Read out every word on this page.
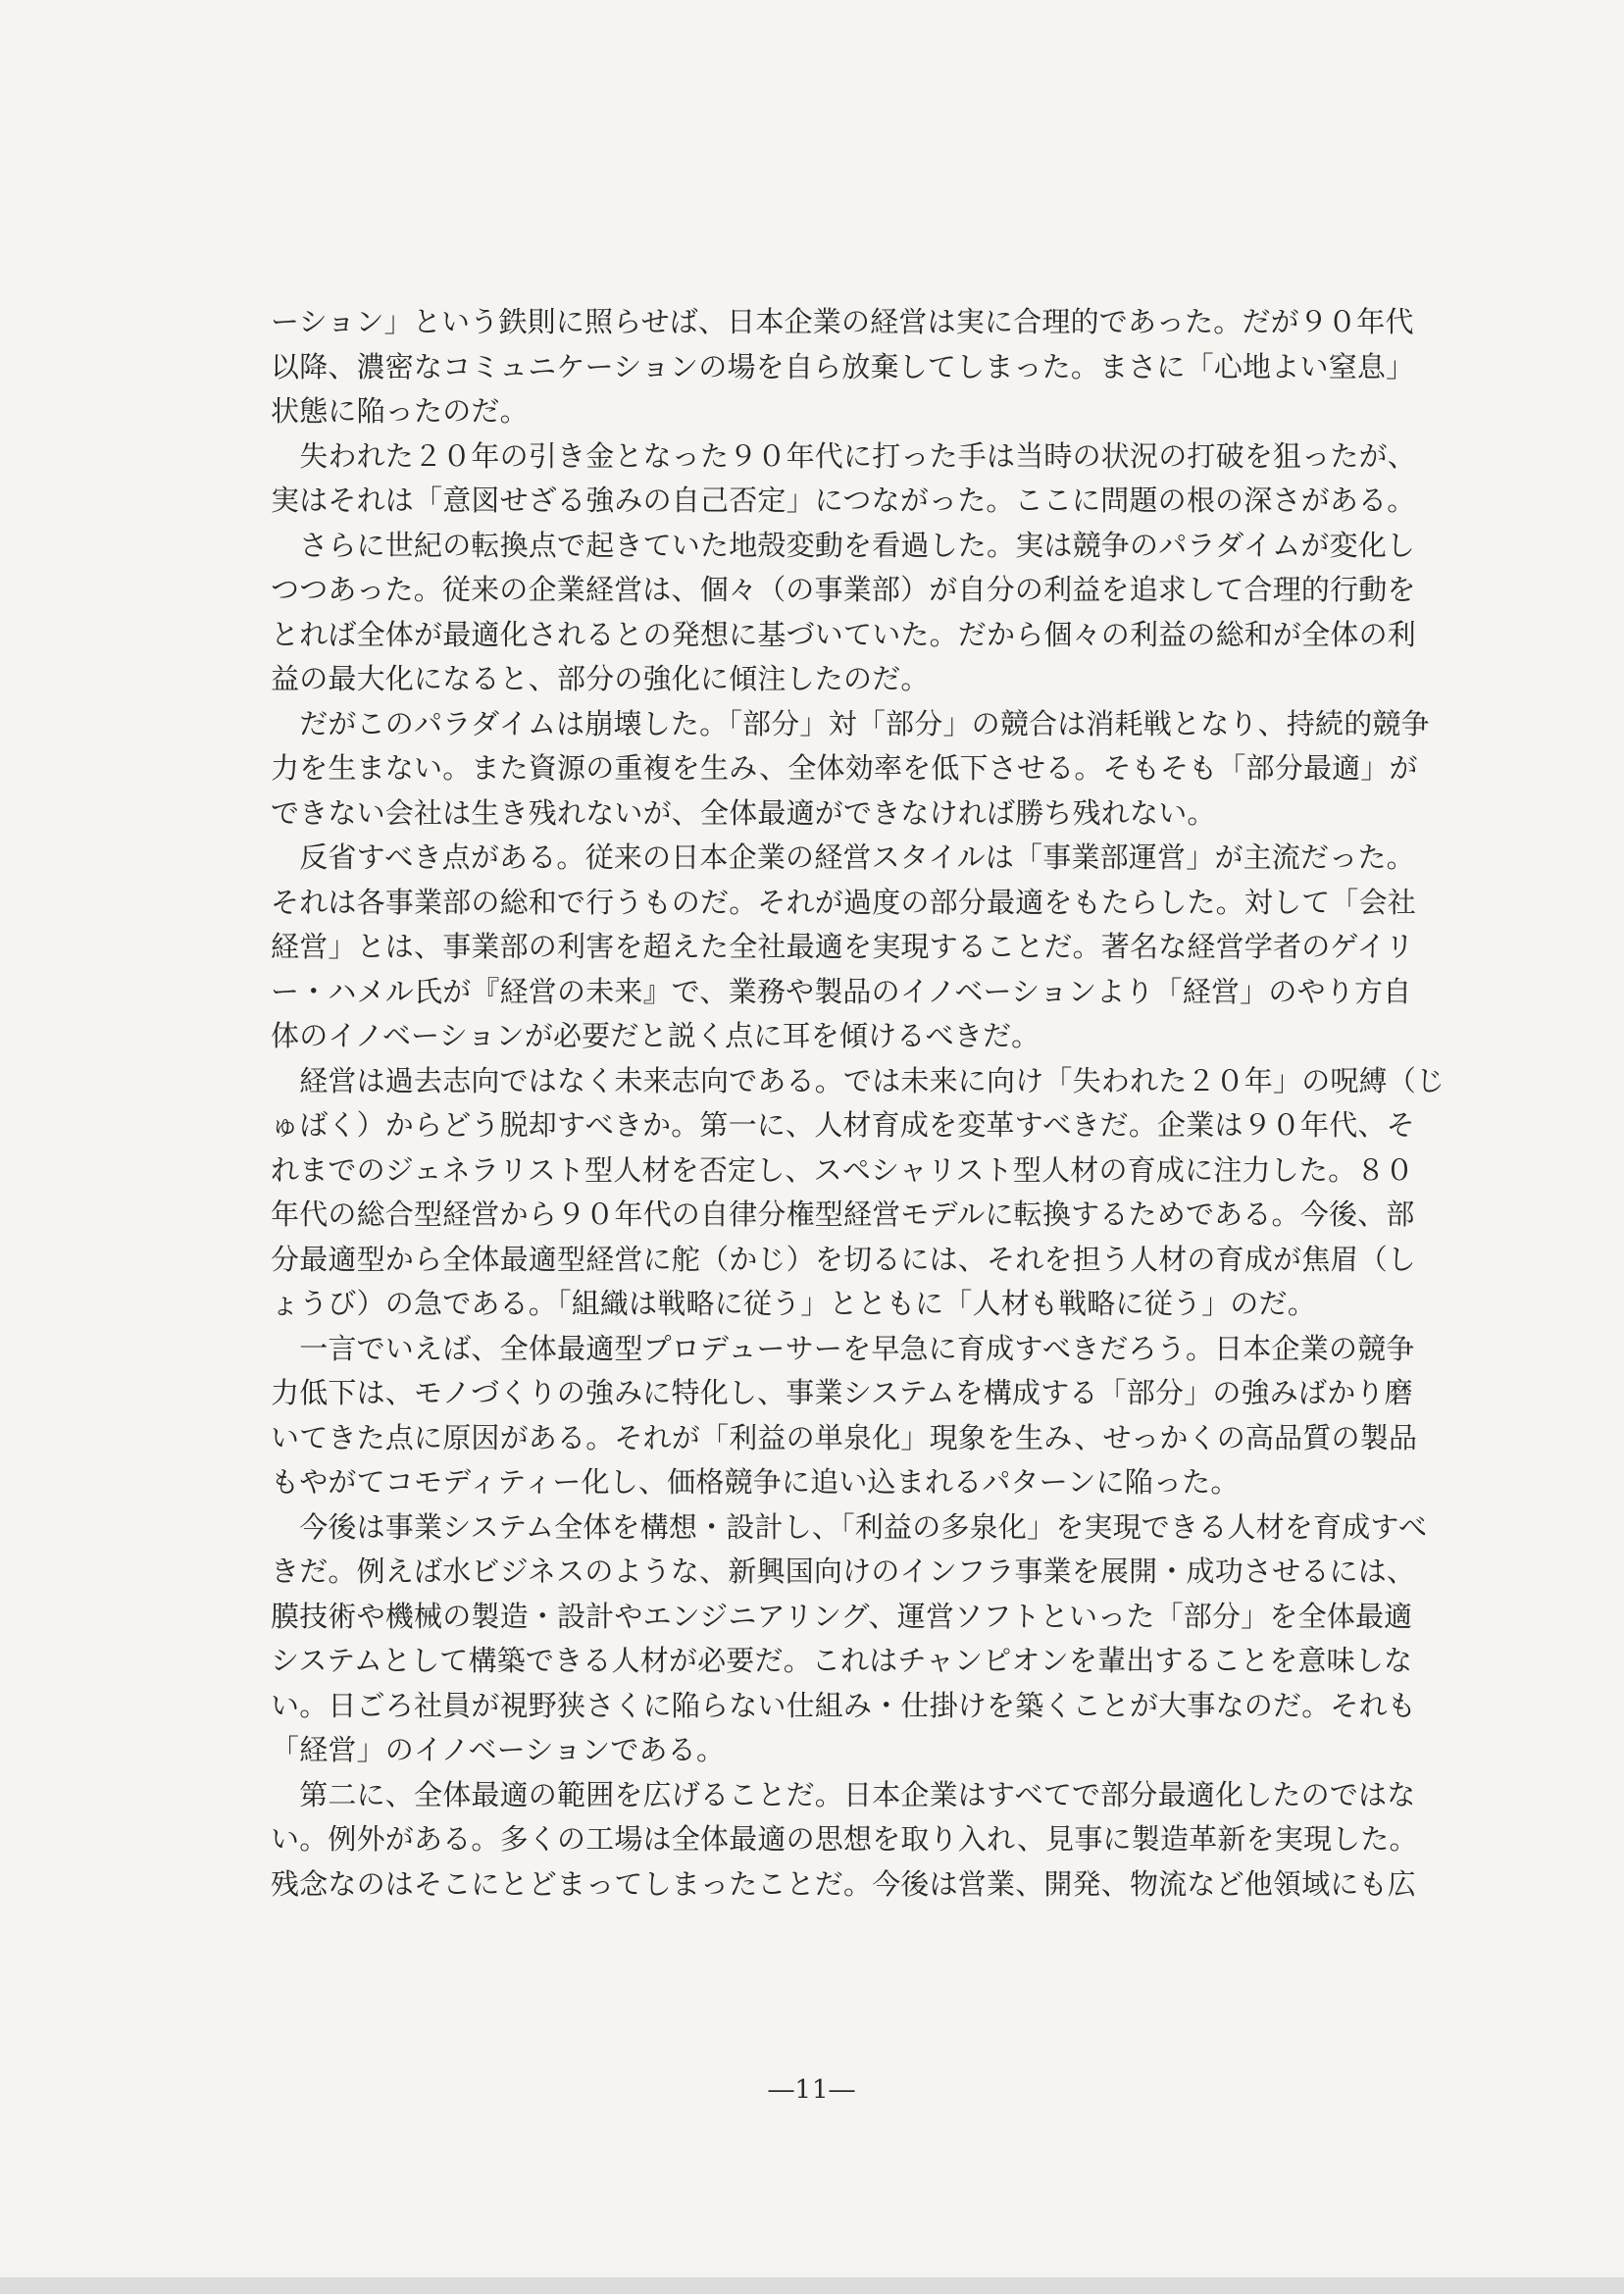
ーション」という鉄則に照らせば、日本企業の経営は実に合理的であった。だが９０年代
以降、濃密なコミュニケーションの場を自ら放棄してしまった。まさに「心地よい窒息」
状態に陥ったのだ。
　失われた２０年の引き金となった９０年代に打った手は当時の状況の打破を狙ったが、
実はそれは「意図せざる強みの自己否定」につながった。ここに問題の根の深さがある。
　さらに世紀の転換点で起きていた地殻変動を看過した。実は競争のパラダイムが変化し
つつあった。従来の企業経営は、個々（の事業部）が自分の利益を追求して合理的行動を
とれば全体が最適化されるとの発想に基づいていた。だから個々の利益の総和が全体の利
益の最大化になると、部分の強化に傾注したのだ。
　だがこのパラダイムは崩壊した。「部分」対「部分」の競合は消耗戦となり、持続的競争
力を生まない。また資源の重複を生み、全体効率を低下させる。そもそも「部分最適」が
できない会社は生き残れないが、全体最適ができなければ勝ち残れない。
　反省すべき点がある。従来の日本企業の経営スタイルは「事業部運営」が主流だった。
それは各事業部の総和で行うものだ。それが過度の部分最適をもたらした。対して「会社
経営」とは、事業部の利害を超えた全社最適を実現することだ。著名な経営学者のゲイリ
ー・ハメル氏が『経営の未来』で、業務や製品のイノベーションより「経営」のやり方自
体のイノベーションが必要だと説く点に耳を傾けるべきだ。
　経営は過去志向ではなく未来志向である。では未来に向け「失われた２０年」の呪縛（じ
ゅばく）からどう脱却すべきか。第一に、人材育成を変革すべきだ。企業は９０年代、そ
れまでのジェネラリスト型人材を否定し、スペシャリスト型人材の育成に注力した。８０
年代の総合型経営から９０年代の自律分権型経営モデルに転換するためである。今後、部
分最適型から全体最適型経営に舵（かじ）を切るには、それを担う人材の育成が焦眉（し
ょうび）の急である。「組織は戦略に従う」とともに「人材も戦略に従う」のだ。
　一言でいえば、全体最適型プロデューサーを早急に育成すべきだろう。日本企業の競争
力低下は、モノづくりの強みに特化し、事業システムを構成する「部分」の強みばかり磨
いてきた点に原因がある。それが「利益の単泉化」現象を生み、せっかくの高品質の製品
もやがてコモディティー化し、価格競争に追い込まれるパターンに陥った。
　今後は事業システム全体を構想・設計し、「利益の多泉化」を実現できる人材を育成すべ
きだ。例えば水ビジネスのような、新興国向けのインフラ事業を展開・成功させるには、
膜技術や機械の製造・設計やエンジニアリング、運営ソフトといった「部分」を全体最適
システムとして構築できる人材が必要だ。これはチャンピオンを輩出することを意味しな
い。日ごろ社員が視野狭さくに陥らない仕組み・仕掛けを築くことが大事なのだ。それも
「経営」のイノベーションである。
　第二に、全体最適の範囲を広げることだ。日本企業はすべてで部分最適化したのではな
い。例外がある。多くの工場は全体最適の思想を取り入れ、見事に製造革新を実現した。
残念なのはそこにとどまってしまったことだ。今後は営業、開発、物流など他領域にも広
―11―
